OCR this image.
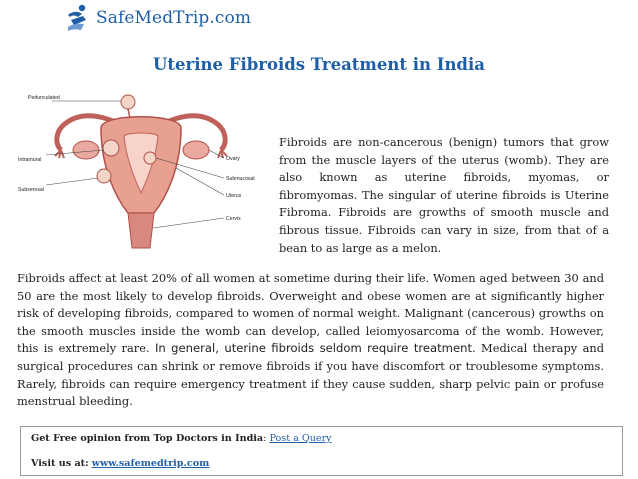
SafeMedTrip.com
Uterine Fibroids Treatment in India
Pedunculated
Intramural
Subserosal
Ovary
Submucosal
Uterus
Cervix
Fibroids are non-cancerous (benign) tumors that grow from the muscle layers of the uterus (womb). They are also known as uterine fibroids, myomas, or fibromyomas. The singular of uterine fibroids is Uterine Fibroma. Fibroids are growths of smooth muscle and fibrous tissue. Fibroids can vary in size, from that of a bean to as large as a melon.
Fibroids affect at least 20% of all women at sometime during their life. Women aged between 30 and 50 are the most likely to develop fibroids. Overweight and obese women are at significantly higher risk of developing fibroids, compared to women of normal weight. Malignant (cancerous) growths on the smooth muscles inside the womb can develop, called leiomyosarcoma of the womb. However, this is extremely rare. In general, uterine fibroids seldom require treatment. Medical therapy and surgical procedures can shrink or remove fibroids if you have discomfort or troublesome symptoms. Rarely, fibroids can require emergency treatment if they cause sudden, sharp pelvic pain or profuse menstrual bleeding.
Get Free opinion from Top Doctors in India: Post a Query
Visit us at: www.safemedtrip.com
